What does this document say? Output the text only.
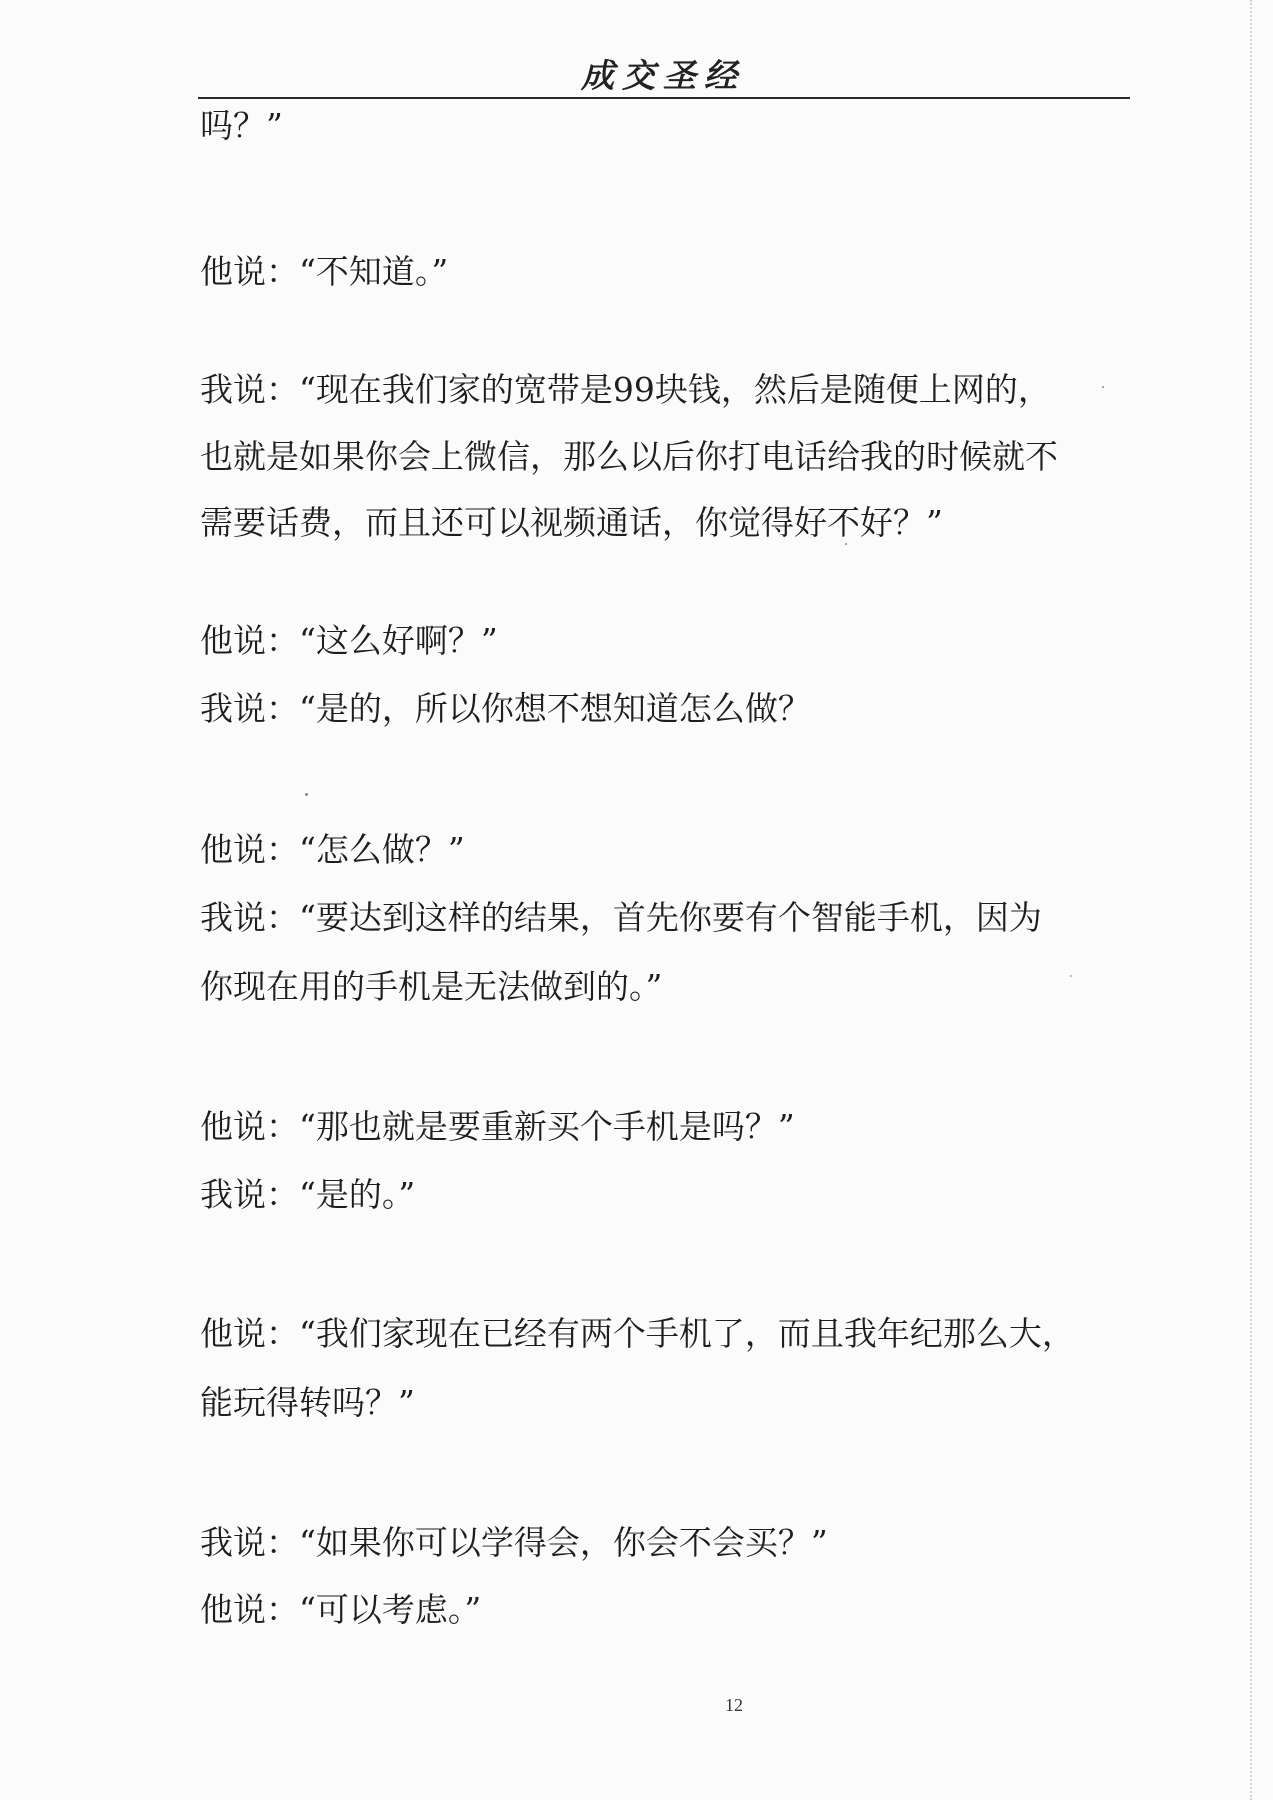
成交圣经
吗？”
他说：“不知道。”
我说：“现在我们家的宽带是99块钱，然后是随便上网的，
也就是如果你会上微信，那么以后你打电话给我的时候就不
需要话费，而且还可以视频通话，你觉得好不好？”
他说：“这么好啊？”
我说：“是的，所以你想不想知道怎么做？
他说：“怎么做？”
我说：“要达到这样的结果，首先你要有个智能手机，因为
你现在用的手机是无法做到的。”
他说：“那也就是要重新买个手机是吗？”
我说：“是的。”
他说：“我们家现在已经有两个手机了，而且我年纪那么大，
能玩得转吗？”
我说：“如果你可以学得会，你会不会买？”
他说：“可以考虑。”
12
